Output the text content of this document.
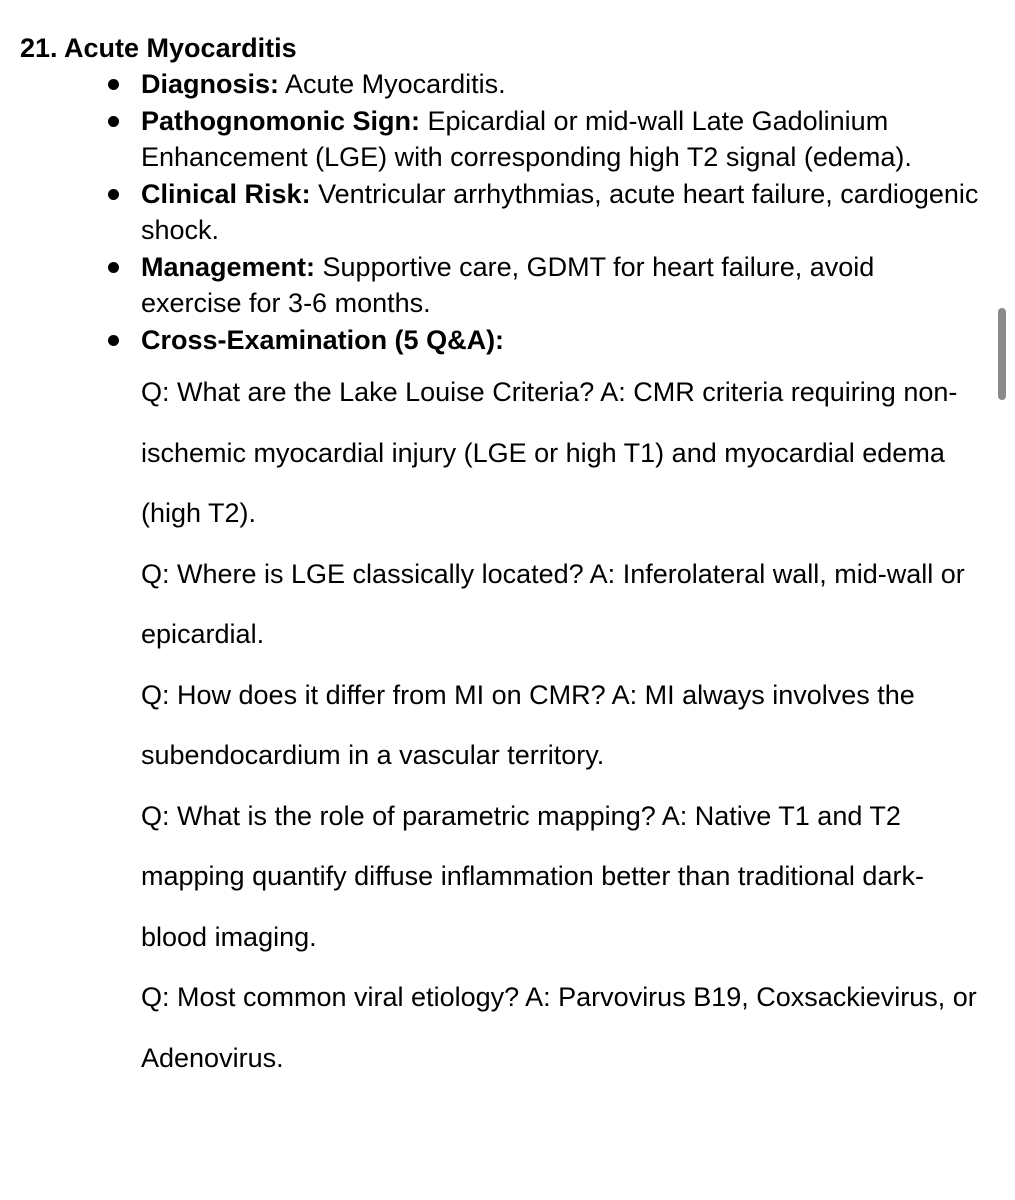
21. Acute Myocarditis
Diagnosis: Acute Myocarditis.
Pathognomonic Sign: Epicardial or mid-wall Late Gadolinium Enhancement (LGE) with corresponding high T2 signal (edema).
Clinical Risk: Ventricular arrhythmias, acute heart failure, cardiogenic shock.
Management: Supportive care, GDMT for heart failure, avoid exercise for 3-6 months.
Cross-Examination (5 Q&A):

Q: What are the Lake Louise Criteria? A: CMR criteria requiring non-ischemic myocardial injury (LGE or high T1) and myocardial edema (high T2).

Q: Where is LGE classically located? A: Inferolateral wall, mid-wall or epicardial.

Q: How does it differ from MI on CMR? A: MI always involves the subendocardium in a vascular territory.

Q: What is the role of parametric mapping? A: Native T1 and T2 mapping quantify diffuse inflammation better than traditional dark-blood imaging.

Q: Most common viral etiology? A: Parvovirus B19, Coxsackievirus, or Adenovirus.
